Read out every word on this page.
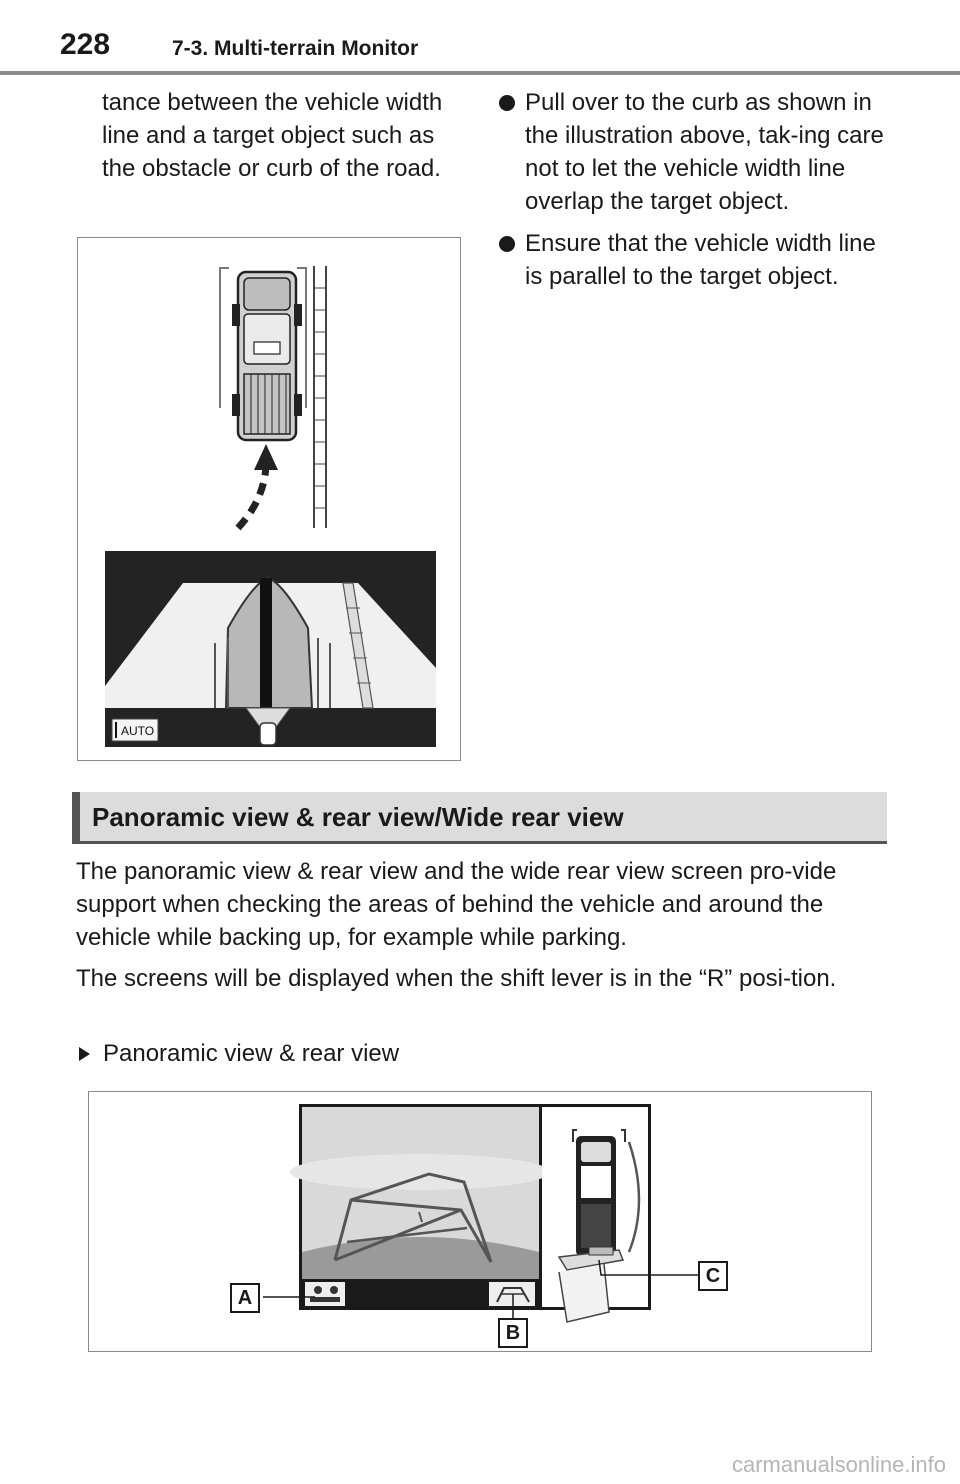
228	7-3. Multi-terrain Monitor
tance between the vehicle width line and a target object such as the obstacle or curb of the road.
Pull over to the curb as shown in the illustration above, tak-ing care not to let the vehicle width line overlap the target object.
Ensure that the vehicle width line is parallel to the target object.
AUTO
Panoramic view & rear view/Wide rear view
The panoramic view & rear view and the wide rear view screen pro-vide support when checking the areas of behind the vehicle and around the vehicle while backing up, for example while parking.
The screens will be displayed when the shift lever is in the “R” posi-tion.
Panoramic view & rear view
A
B
C
carmanualsonline.info
